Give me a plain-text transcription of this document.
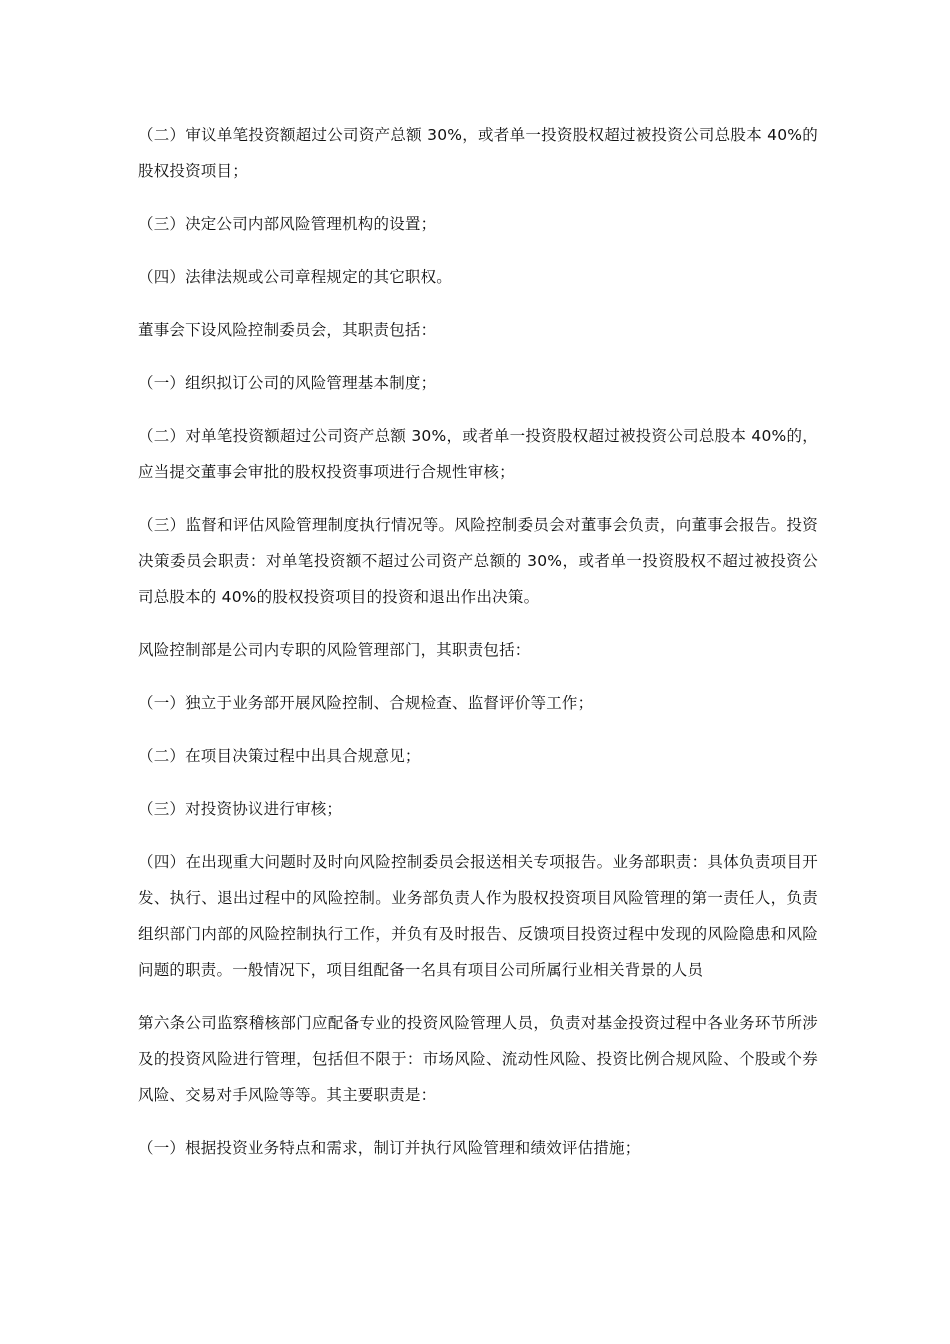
（二）审议单笔投资额超过公司资产总额 30%，或者单一投资股权超过被投资公司总股本 40%的股权投资项目；

（三）决定公司内部风险管理机构的设置；

（四）法律法规或公司章程规定的其它职权。

董事会下设风险控制委员会，其职责包括：

（一）组织拟订公司的风险管理基本制度；

（二）对单笔投资额超过公司资产总额 30%，或者单一投资股权超过被投资公司总股本 40%的，应当提交董事会审批的股权投资事项进行合规性审核；

（三）监督和评估风险管理制度执行情况等。风险控制委员会对董事会负责，向董事会报告。投资决策委员会职责：对单笔投资额不超过公司资产总额的 30%，或者单一投资股权不超过被投资公司总股本的 40%的股权投资项目的投资和退出作出决策。

风险控制部是公司内专职的风险管理部门，其职责包括：

（一）独立于业务部开展风险控制、合规检查、监督评价等工作；

（二）在项目决策过程中出具合规意见；

（三）对投资协议进行审核；

（四）在出现重大问题时及时向风险控制委员会报送相关专项报告。业务部职责：具体负责项目开发、执行、退出过程中的风险控制。业务部负责人作为股权投资项目风险管理的第一责任人，负责组织部门内部的风险控制执行工作，并负有及时报告、反馈项目投资过程中发现的风险隐患和风险问题的职责。一般情况下，项目组配备一名具有项目公司所属行业相关背景的人员

第六条公司监察稽核部门应配备专业的投资风险管理人员，负责对基金投资过程中各业务环节所涉及的投资风险进行管理，包括但不限于：市场风险、流动性风险、投资比例合规风险、个股或个券风险、交易对手风险等等。其主要职责是：

（一）根据投资业务特点和需求，制订并执行风险管理和绩效评估措施；
